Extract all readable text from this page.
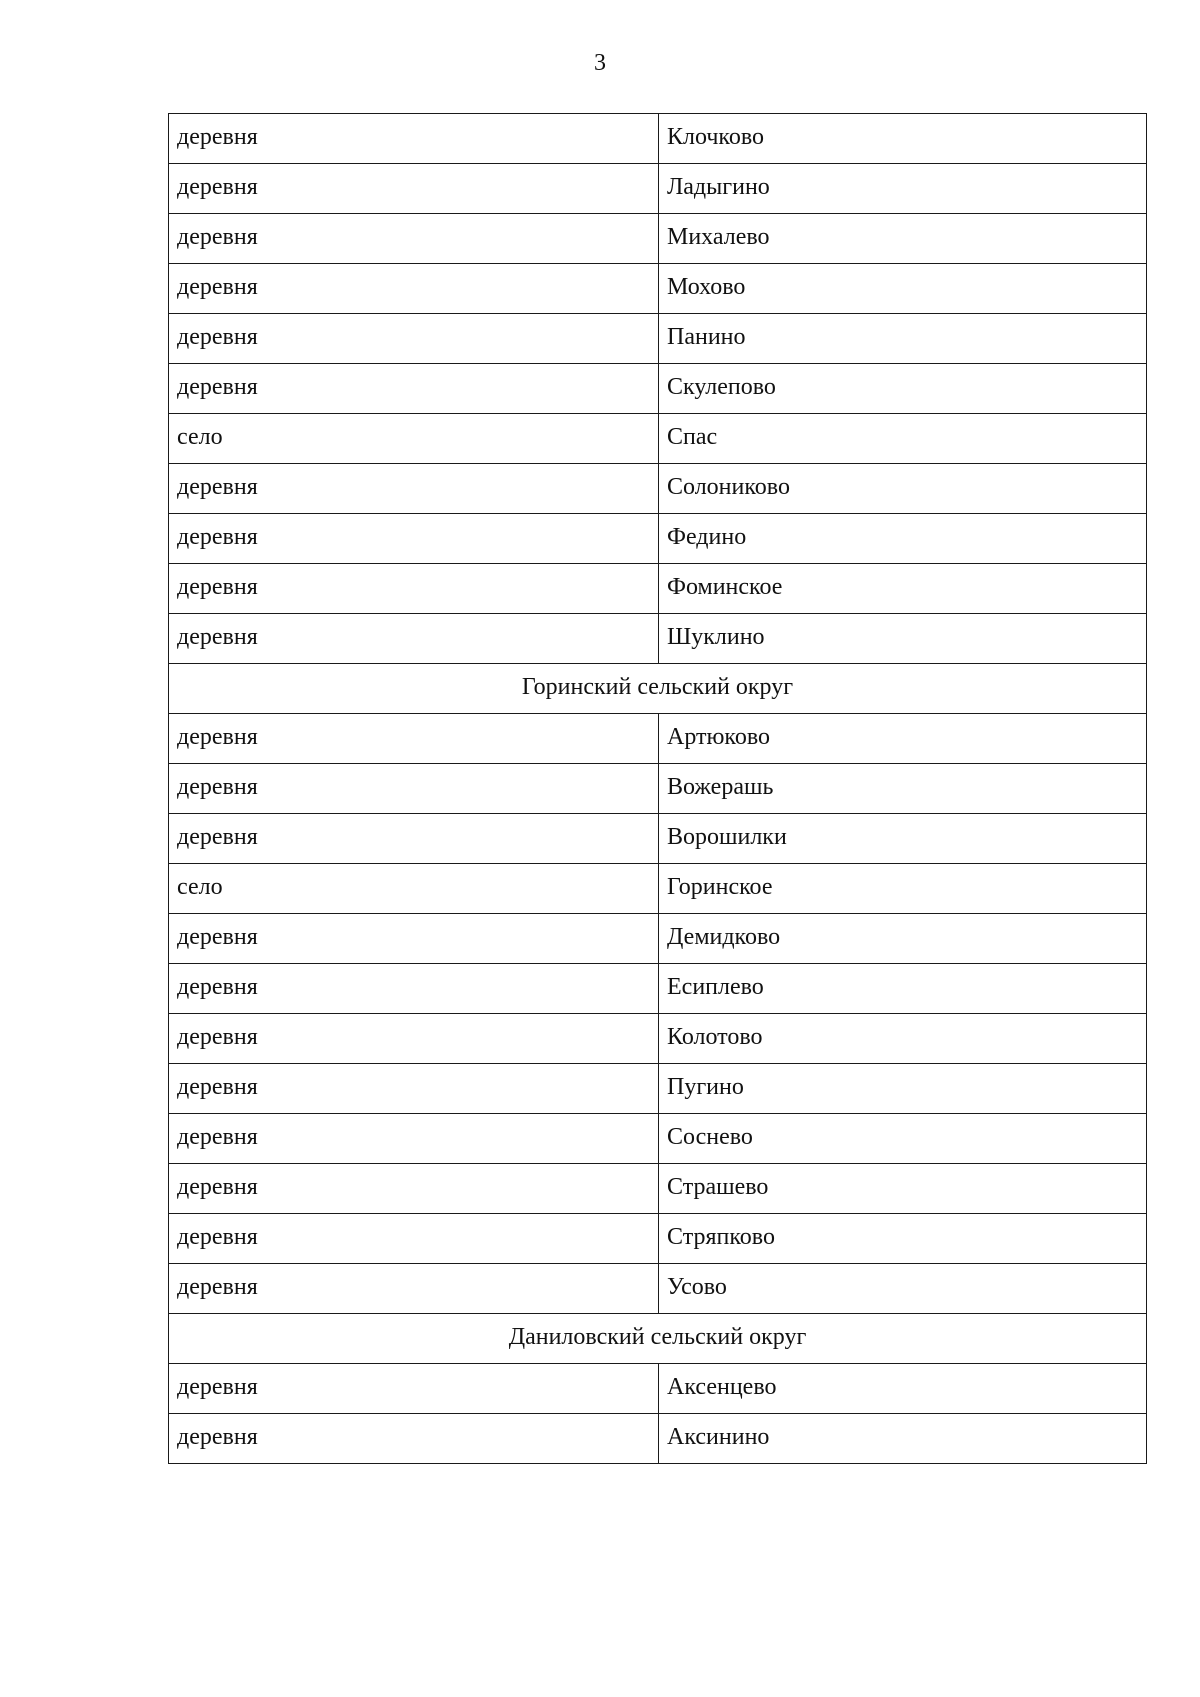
3
деревня	Клочково
деревня	Ладыгино
деревня	Михалево
деревня	Мохово
деревня	Панино
деревня	Скулепово
село	Спас
деревня	Солониково
деревня	Федино
деревня	Фоминское
деревня	Шуклино
Горинский сельский округ	
деревня	Артюково
деревня	Вожерашь
деревня	Ворошилки
село	Горинское
деревня	Демидково
деревня	Есиплево
деревня	Колотово
деревня	Пугино
деревня	Соснево
деревня	Страшево
деревня	Стряпково
деревня	Усово
Даниловский сельский округ	
деревня	Аксенцево
деревня	Аксинино
